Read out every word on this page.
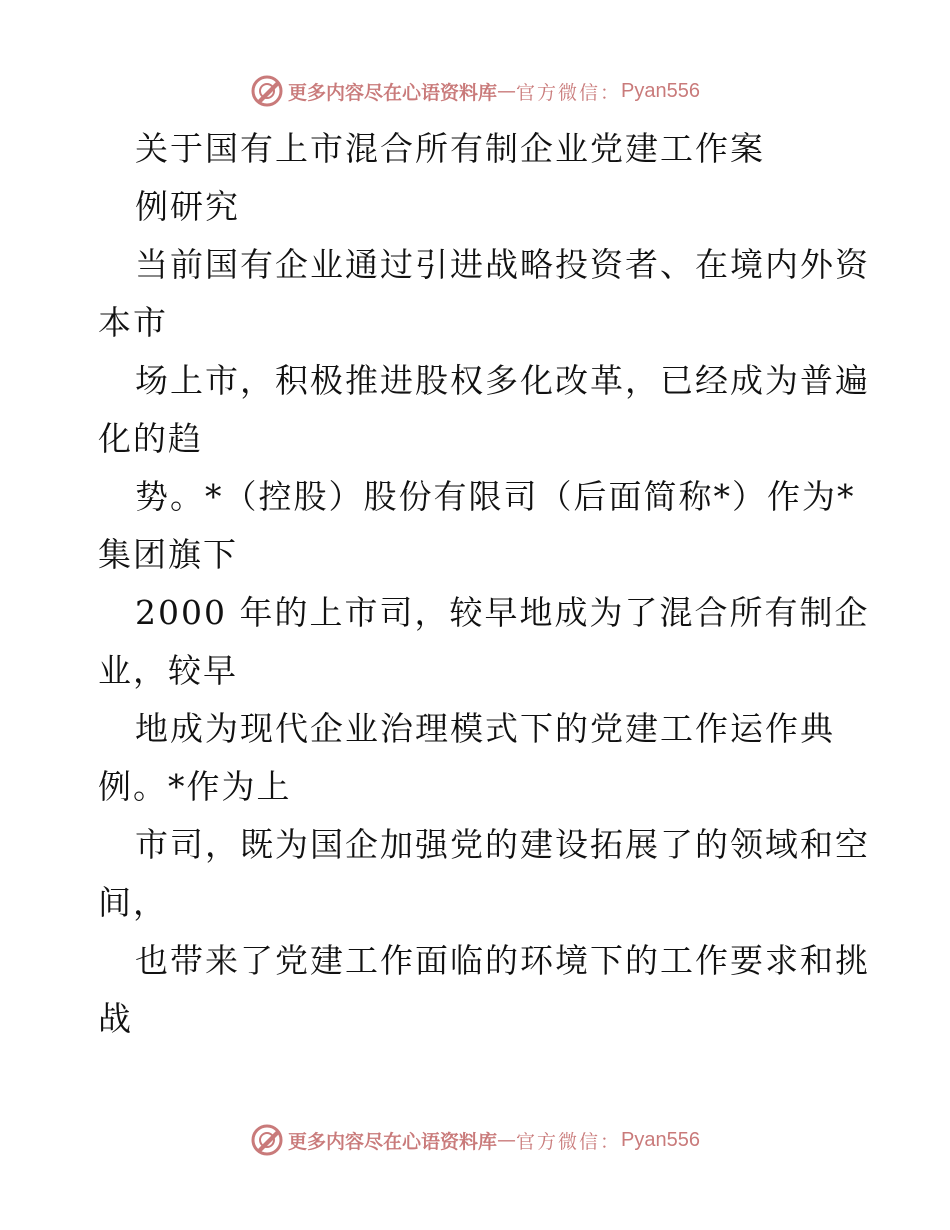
更多内容尽在心语资料库 — 官方微信： Pyan556
关于国有上市混合所有制企业党建工作案
例研究
当前国有企业通过引进战略投资者、在境内外资
本市
场上市，积极推进股权多化改革，已经成为普遍
化的趋
势。*（控股）股份有限司（后面简称*）作为*
集团旗下
2000 年的上市司，较早地成为了混合所有制企
业，较早
地成为现代企业治理模式下的党建工作运作典
例。*作为上
市司，既为国企加强党的建设拓展了的领域和空
间，
也带来了党建工作面临的环境下的工作要求和挑
战
更多内容尽在心语资料库 — 官方微信： Pyan556
